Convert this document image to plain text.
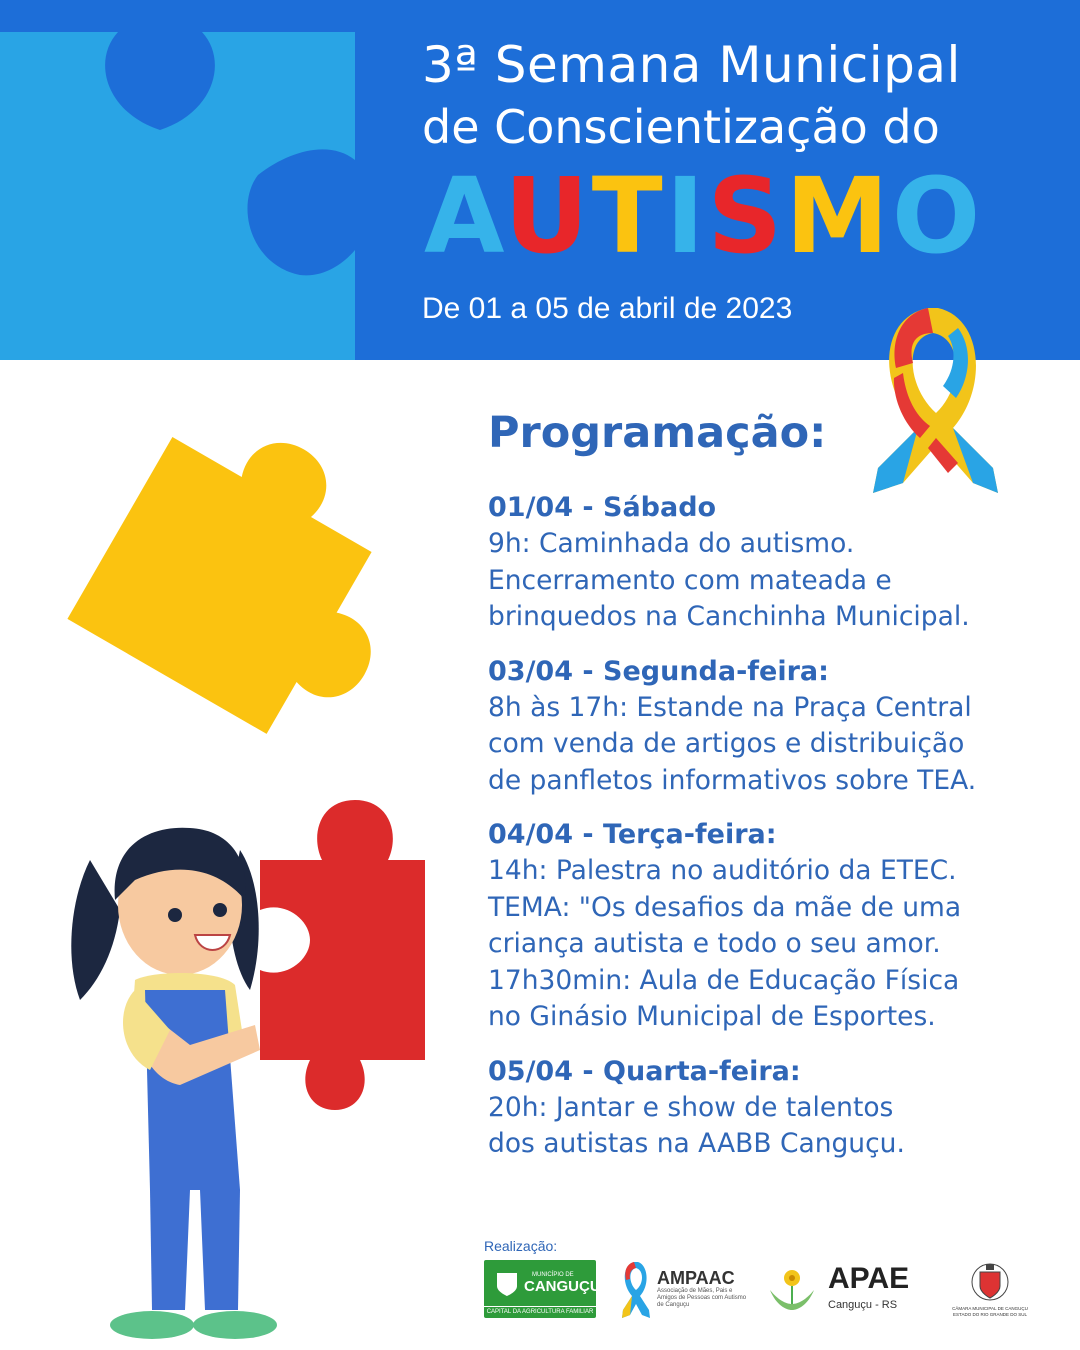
3ª Semana Municipal
de Conscientização do
AUTISMO
De 01 a 05 de abril de 2023
Programação:
01/04 - Sábado
9h: Caminhada do autismo.
Encerramento com mateada e
brinquedos na Canchinha Municipal.
03/04 - Segunda-feira:
8h às 17h: Estande na Praça Central
com venda de artigos e distribuição
de panfletos informativos sobre TEA.
04/04 - Terça-feira:
14h: Palestra no auditório da ETEC.
TEMA: "Os desafios da mãe de uma
criança autista e todo o seu amor.
17h30min: Aula de Educação Física
no Ginásio Municipal de Esportes.
05/04 - Quarta-feira:
20h: Jantar e show de talentos
dos autistas na AABB Canguçu.
Realização:
MUNICÍPIO DE
CANGUÇU
CAPITAL DA AGRICULTURA FAMILIAR
AMPAAC
Associação de Mães, Pais e Amigos de Pessoas com Autismo de Canguçu
APAE
Canguçu - RS	CÂMARA MUNICIPAL DE CANGUÇU ESTADO DO RIO GRANDE DO SUL
